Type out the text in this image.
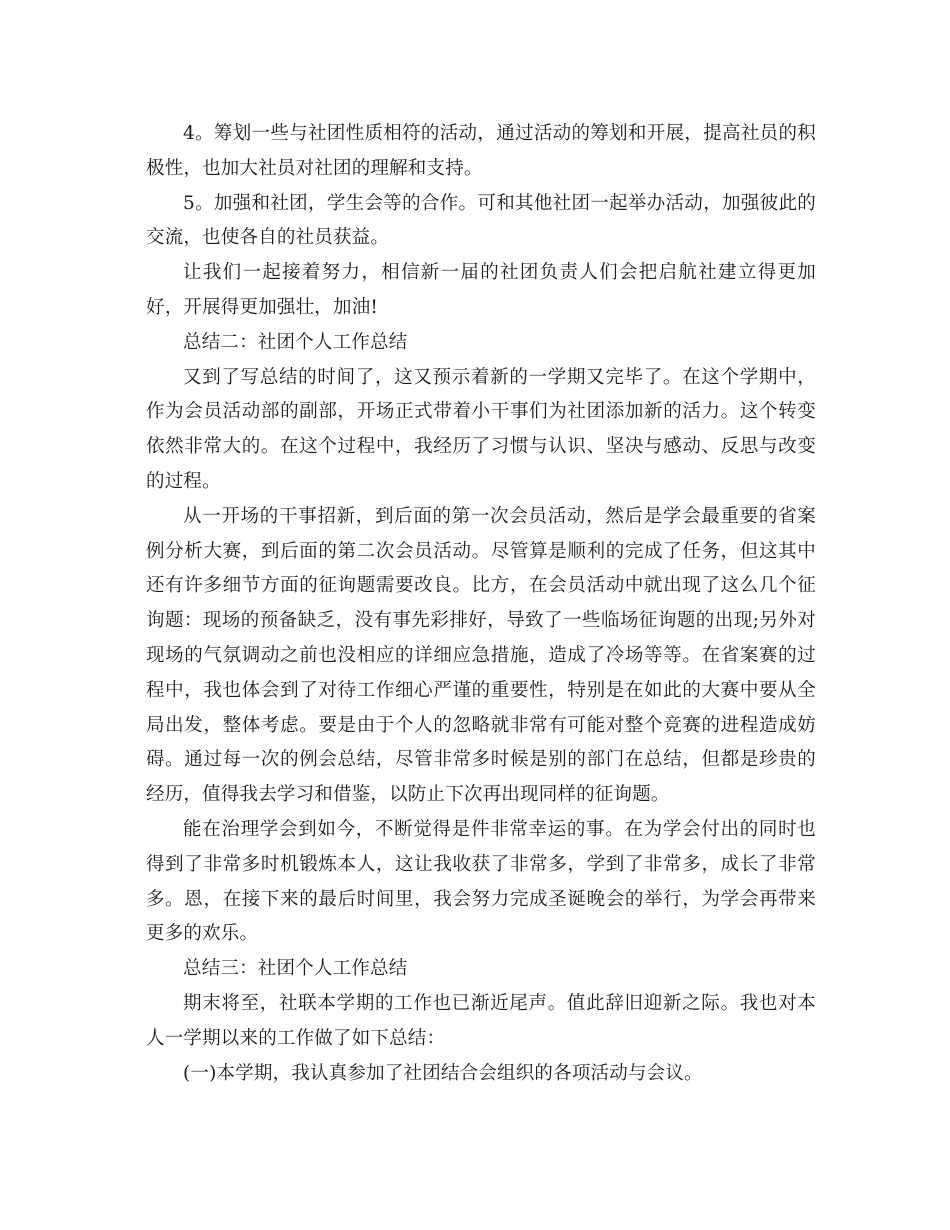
4。筹划一些与社团性质相符的活动，通过活动的筹划和开展，提高社员的积极性，也加大社员对社团的理解和支持。

5。加强和社团，学生会等的合作。可和其他社团一起举办活动，加强彼此的交流，也使各自的社员获益。

让我们一起接着努力，相信新一届的社团负责人们会把启航社建立得更加好，开展得更加强壮，加油!

总结二：社团个人工作总结

又到了写总结的时间了，这又预示着新的一学期又完毕了。在这个学期中，作为会员活动部的副部，开场正式带着小干事们为社团添加新的活力。这个转变依然非常大的。在这个过程中，我经历了习惯与认识、坚决与感动、反思与改变的过程。

从一开场的干事招新，到后面的第一次会员活动，然后是学会最重要的省案例分析大赛，到后面的第二次会员活动。尽管算是顺利的完成了任务，但这其中还有许多细节方面的征询题需要改良。比方，在会员活动中就出现了这么几个征询题：现场的预备缺乏，没有事先彩排好，导致了一些临场征询题的出现;另外对现场的气氛调动之前也没相应的详细应急措施，造成了冷场等等。在省案赛的过程中，我也体会到了对待工作细心严谨的重要性，特别是在如此的大赛中要从全局出发，整体考虑。要是由于个人的忽略就非常有可能对整个竞赛的进程造成妨碍。通过每一次的例会总结，尽管非常多时候是别的部门在总结，但都是珍贵的经历，值得我去学习和借鉴，以防止下次再出现同样的征询题。

能在治理学会到如今，不断觉得是件非常幸运的事。在为学会付出的同时也得到了非常多时机锻炼本人，这让我收获了非常多，学到了非常多，成长了非常多。恩，在接下来的最后时间里，我会努力完成圣诞晚会的举行，为学会再带来更多的欢乐。

总结三：社团个人工作总结

期末将至，社联本学期的工作也已渐近尾声。值此辞旧迎新之际。我也对本人一学期以来的工作做了如下总结：

(一)本学期，我认真参加了社团结合会组织的各项活动与会议。
